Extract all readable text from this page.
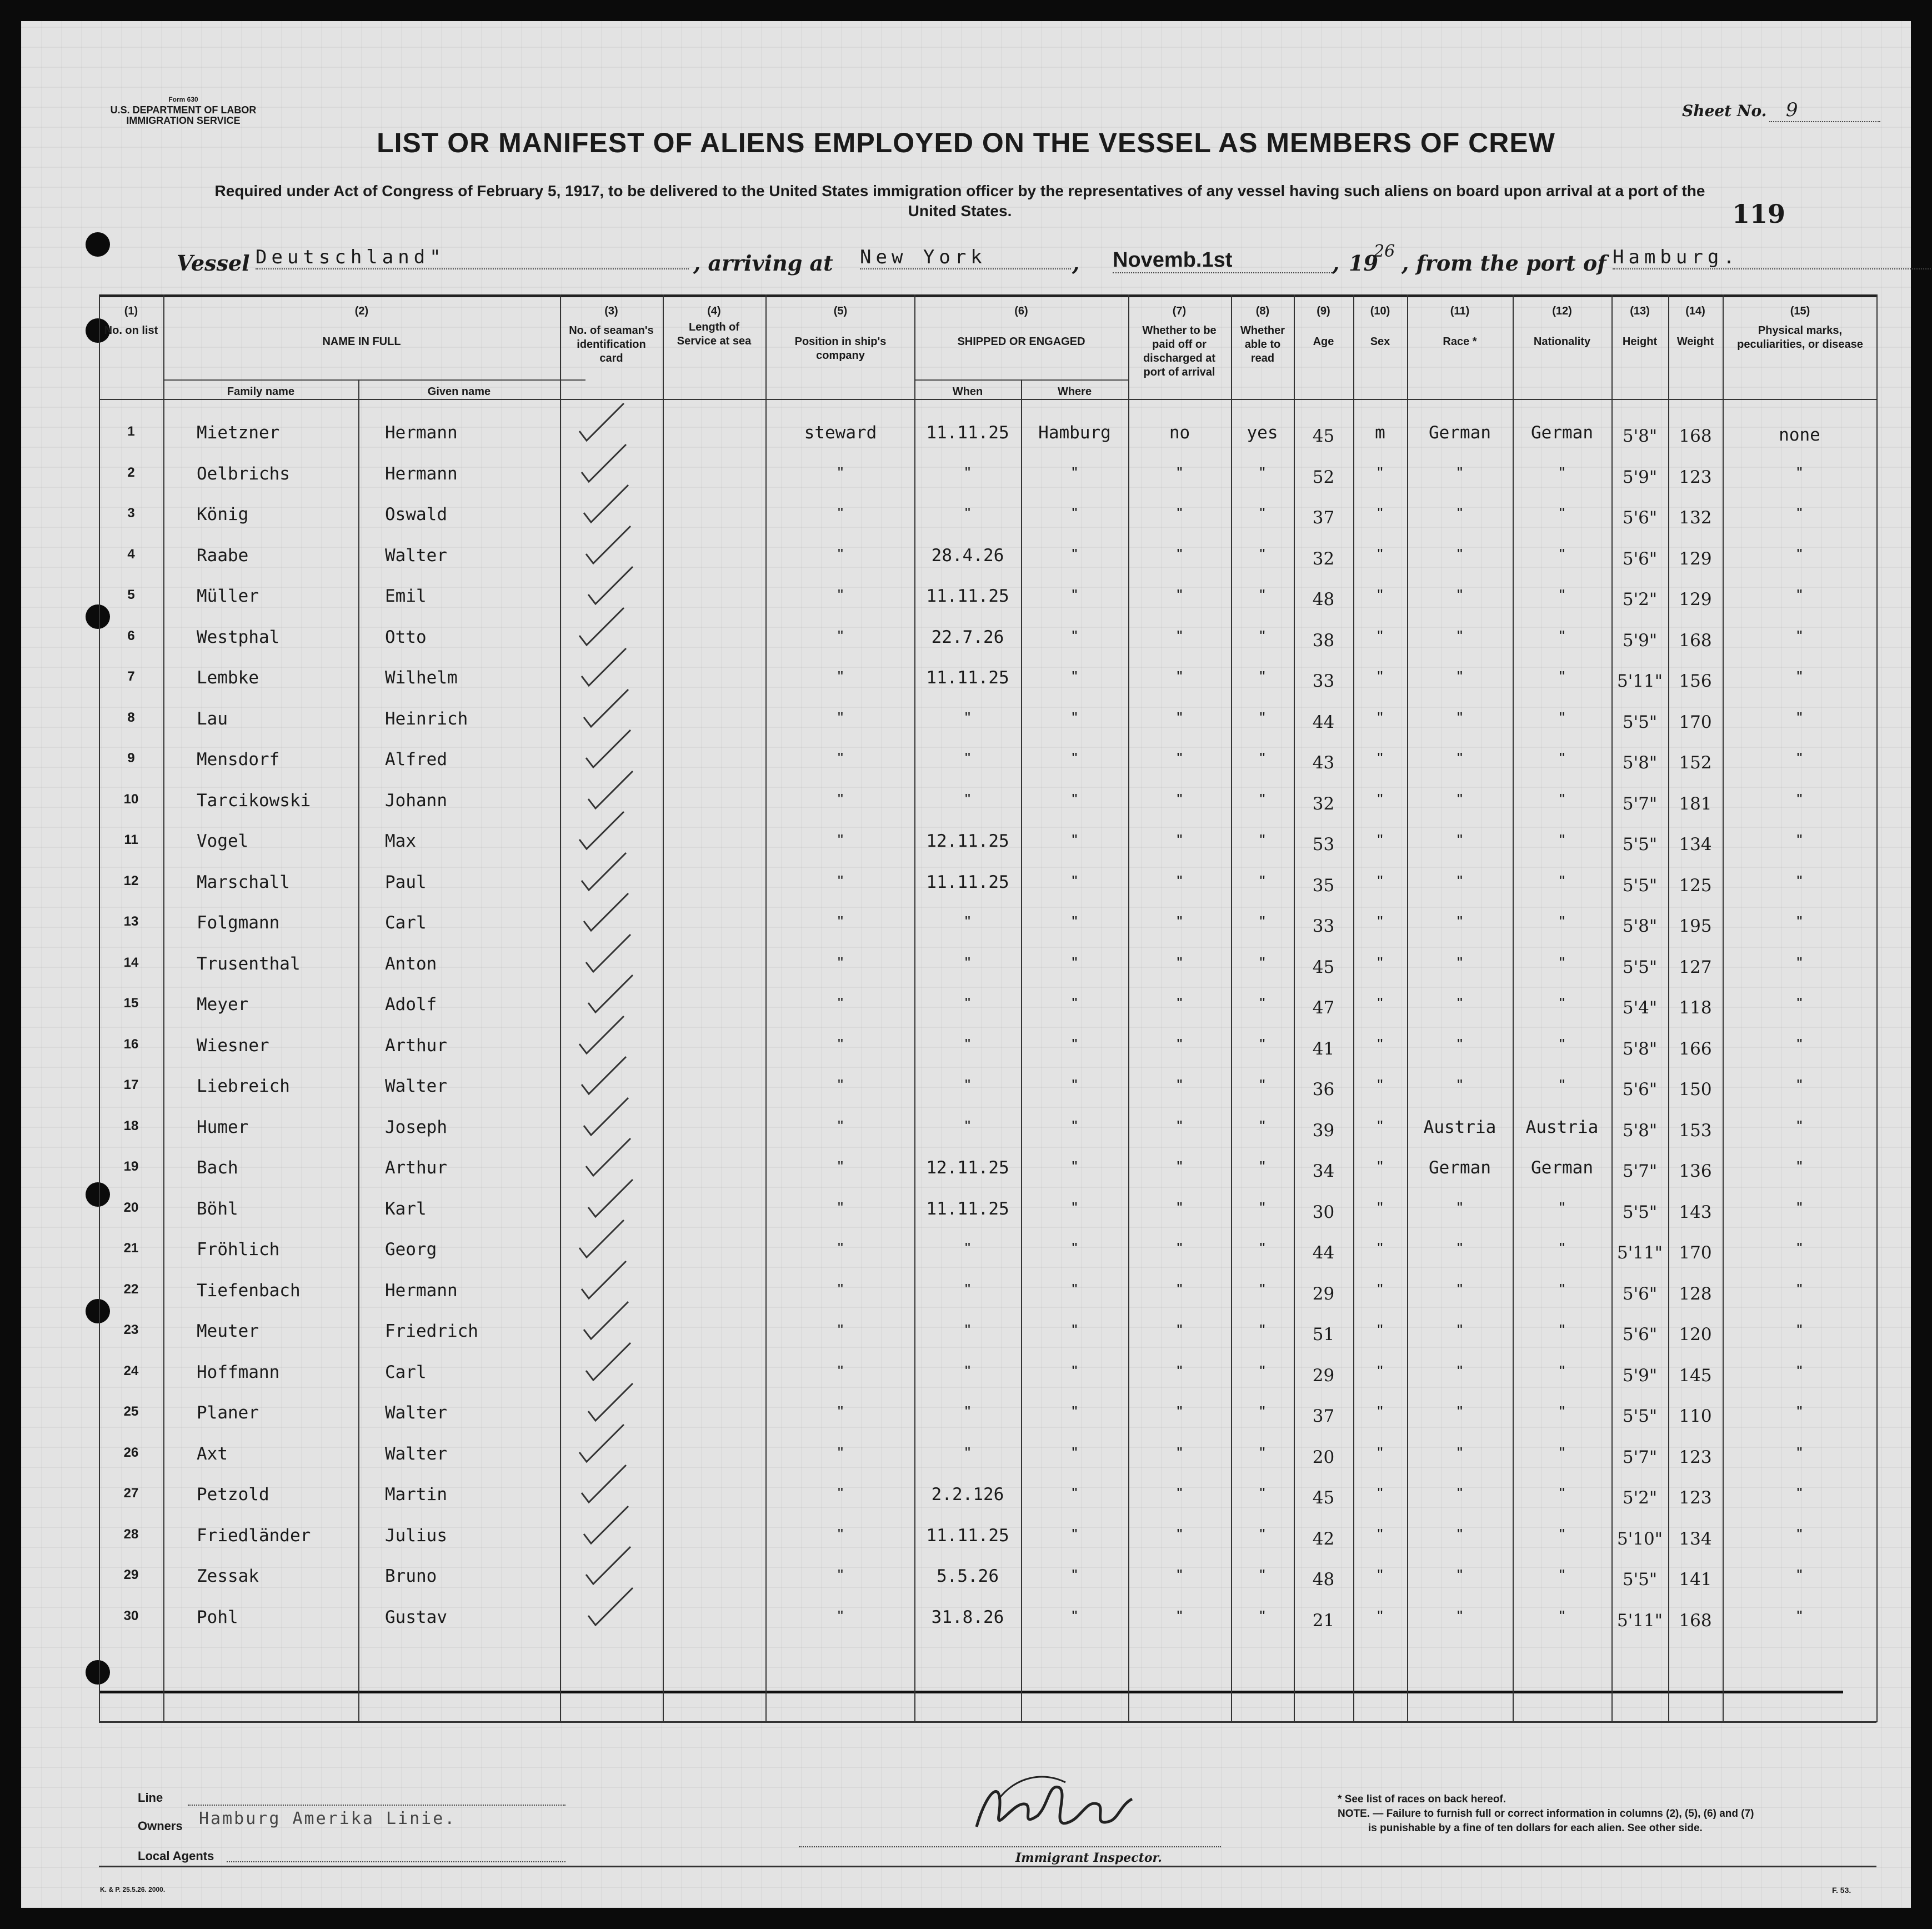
Form 630
U.S. DEPARTMENT OF LABOR
IMMIGRATION SERVICE
Sheet No. 9
LIST OR MANIFEST OF ALIENS EMPLOYED ON THE VESSEL AS MEMBERS OF CREW
Required under Act of Congress of February 5, 1917, to be delivered to the United States immigration officer by the representatives of any vessel having such aliens on board upon arrival at a port of the United States.	119
Vessel Deutschland"	, arriving at New York	, Novemb.1st	, 19
26 , from the port of Hamburg.
(1)
No. on list
(2)
NAME IN FULL
Family name	Given name
(3)
No. of seaman's identification card
(4)
Length of Service at sea
(5)
Position in ship's company
(6)
SHIPPED OR ENGAGED
When	Where
(7)
Whether to be paid off or discharged at port of arrival
(8)
Whether able to read
(9)
Age
(10)
Sex
(11)
Race *
(12)
Nationality
(13)
Height
(14)
Weight
(15)
Physical marks, peculiarities, or disease
1	Mietzner	Hermann	steward	11.11.25	Hamburg	no	yes	45	m	German	German	5'8"	168	none
2	Oelbrichs	Hermann	"	"	"	"	"	52	"	"	"	5'9"	123	"
3	König	Oswald	"	"	"	"	"	37	"	"	"	5'6"	132	"
4	Raabe	Walter	"	28.4.26	"	"	"	32	"	"	"	5'6"	129	"
5	Müller	Emil	"	11.11.25	"	"	"	48	"	"	"	5'2"	129	"
6	Westphal	Otto	"	22.7.26	"	"	"	38	"	"	"	5'9"	168	"
7	Lembke	Wilhelm	"	11.11.25	"	"	"	33	"	"	"	5'11" 156	"
8	Lau	Heinrich	"	"	"	"	"	44	"	"	"	5'5"	170	"
9	Mensdorf	Alfred	"	"	"	"	"	43	"	"	"	5'8"	152	"
10	Tarcikowski	Johann	"	"	"	"	"	32	"	"	"	5'7"	181	"
11	Vogel	Max	"	12.11.25	"	"	"	53	"	"	"	5'5"	134	"
12	Marschall	Paul	"	11.11.25	"	"	"	35	"	"	"	5'5"	125	"
13	Folgmann	Carl	"	"	"	"	"	33	"	"	"	5'8"	195	"
14	Trusenthal	Anton	"	"	"	"	"	45	"	"	"	5'5"	127	"
15	Meyer	Adolf	"	"	"	"	"	47	"	"	"	5'4"	118	"
16	Wiesner	Arthur	"	"	"	"	"	41	"	"	"	5'8"	166	"
17	Liebreich	Walter	"	"	"	"	"	36	"	"	"	5'6"	150	"
18	Humer	Joseph	"	"	"	"	"	39	"	Austria	Austria	5'8"	153	"
19	Bach	Arthur	"	12.11.25	"	"	"	34	"	German	German	5'7"	136	"
20	Böhl	Karl	"	11.11.25	"	"	"	30	"	"	"	5'5"	143	"
21	Fröhlich	Georg	"	"	"	"	"	44	"	"	"	5'11" 170	"
22	Tiefenbach	Hermann	"	"	"	"	"	29	"	"	"	5'6"	128	"
23	Meuter	Friedrich	"	"	"	"	"	51	"	"	"	5'6"	120	"
24	Hoffmann	Carl	"	"	"	"	"	29	"	"	"	5'9"	145	"
25	Planer	Walter	"	"	"	"	"	37	"	"	"	5'5"	110	"
26	Axt	Walter	"	"	"	"	"	20	"	"	"	5'7"	123	"
27	Petzold	Martin	"	2.2.126	"	"	"	45	"	"	"	5'2"	123	"
28	Friedländer	Julius	"	11.11.25	"	"	"	42	"	"	"	5'10" 134	"
29	Zessak	Bruno	"	5.5.26	"	"	"	48	"	"	"	5'5"	141	"
30	Pohl	Gustav	"	31.8.26	"	"	"	21	"	"	"	5'11" 168	"
Line
Owners Hamburg Amerika Linie.
Local Agents	Immigrant Inspector.
* See list of races on back hereof.
NOTE. — Failure to furnish full or correct information in columns (2), (5), (6) and (7)
is punishable by a fine of ten dollars for each alien. See other side.
K. & P. 25.5.26. 2000.	F. 53.
